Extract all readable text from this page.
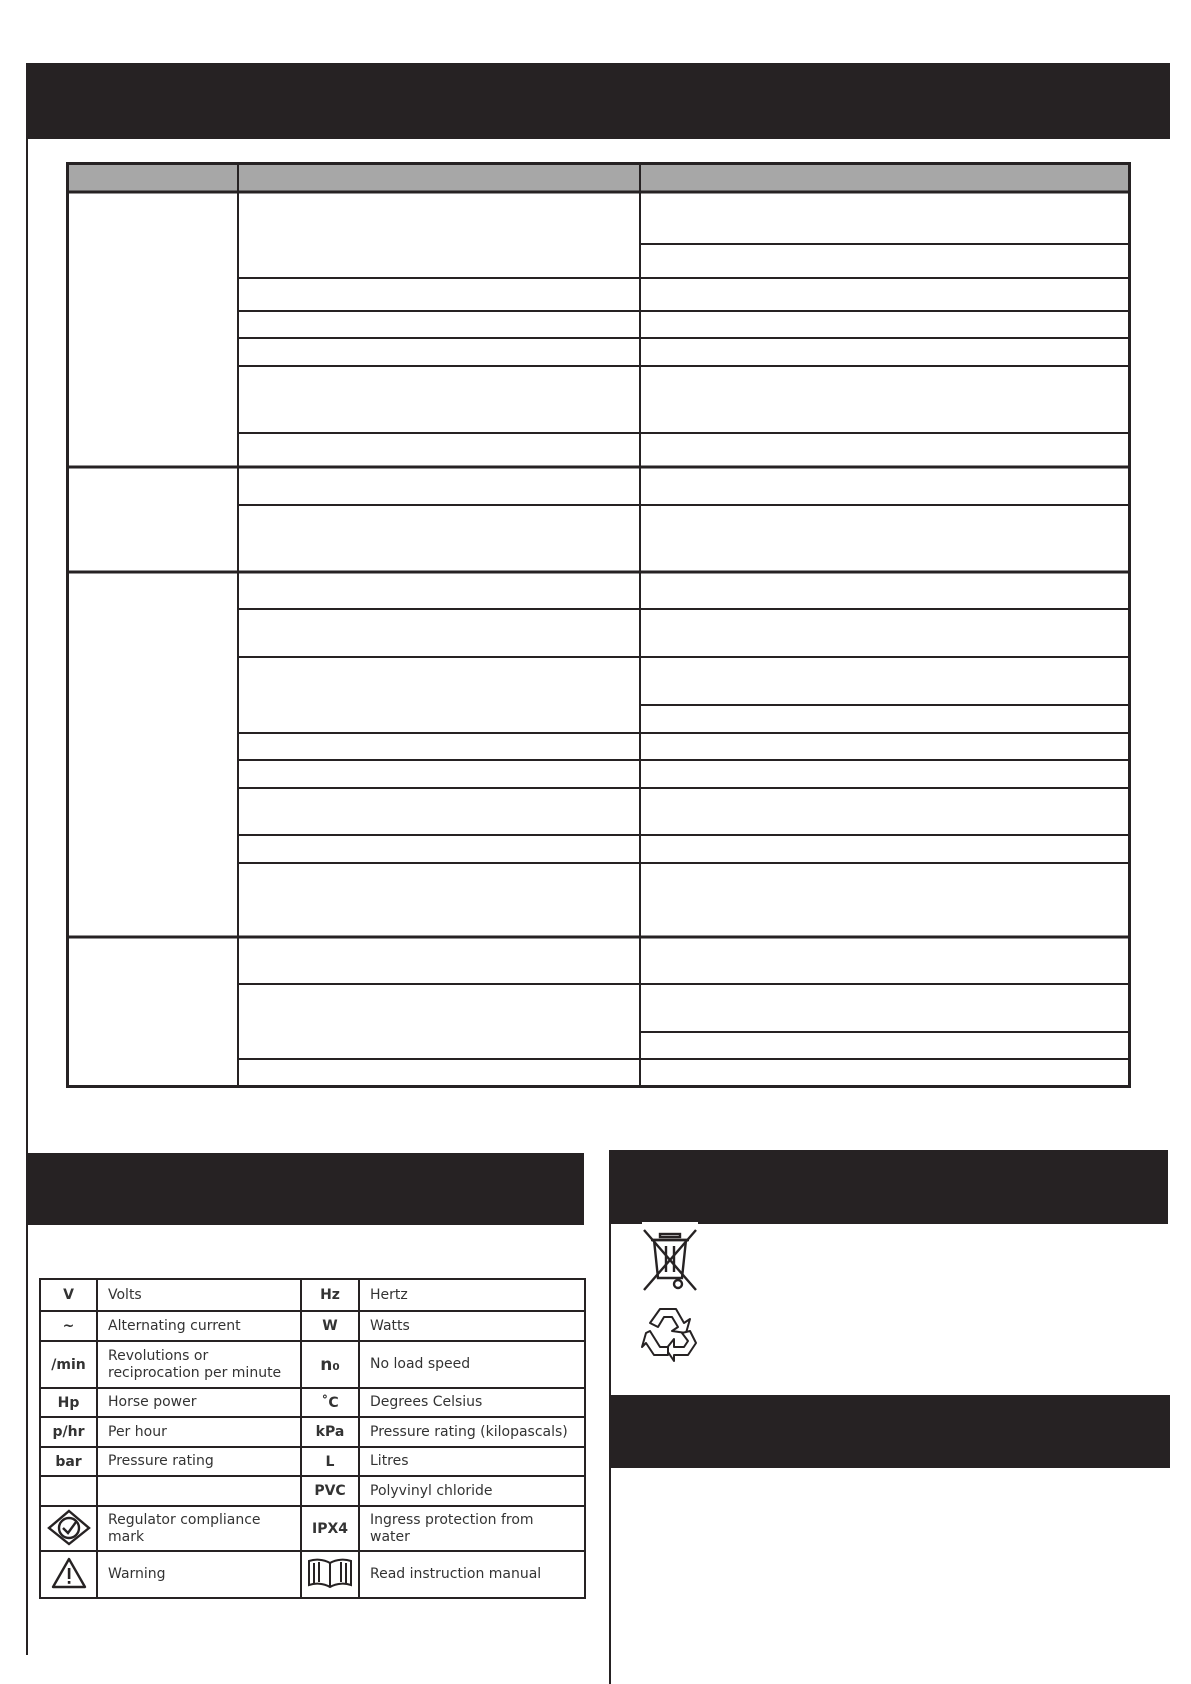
V	Volts	Hz	Hertz
~	Alternating current	W	Watts
/min	Revolutions or reciprocation per minute	n₀	No load speed
Hp	Horse power	˚C	Degrees Celsius
p/hr	Per hour	kPa	Pressure rating (kilopascals)
bar	Pressure rating	L	Litres
		PVC	Polyvinyl chloride
	Regulator compliance mark	IPX4	Ingress protection from water
	Warning		Read instruction manual
